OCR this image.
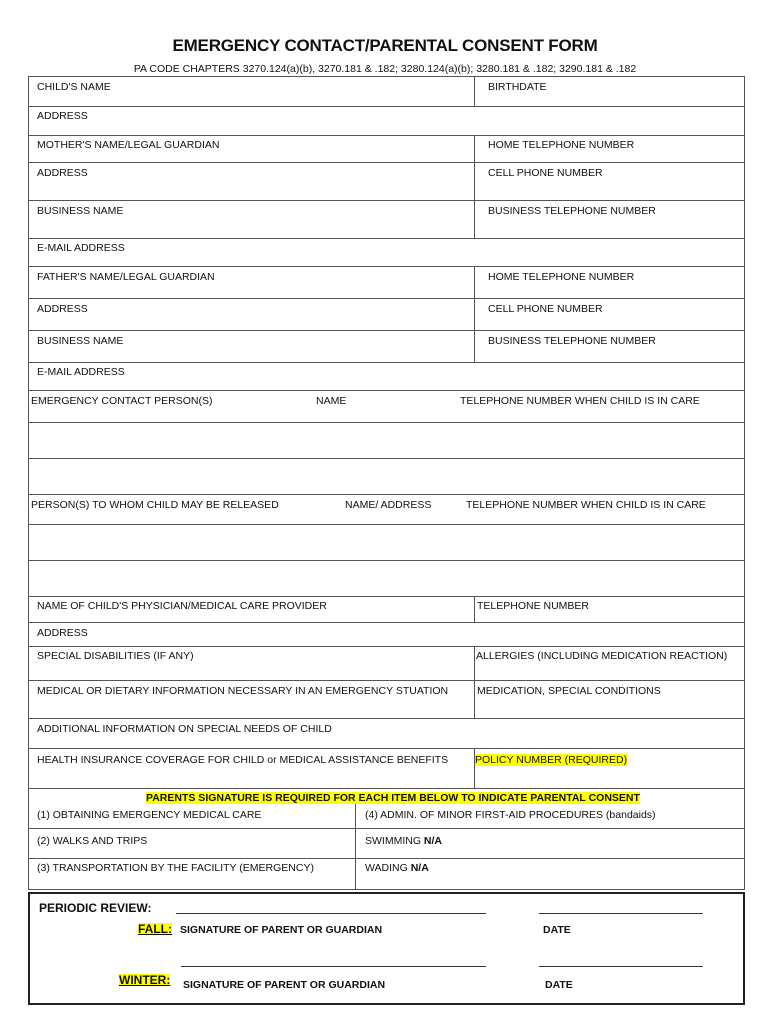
EMERGENCY CONTACT/PARENTAL CONSENT FORM
PA CODE CHAPTERS 3270.124(a)(b), 3270.181 & .182; 3280.124(a)(b); 3280.181 & .182; 3290.181 & .182
CHILD'S NAME	BIRTHDATE
ADDRESS
MOTHER'S NAME/LEGAL GUARDIAN	HOME TELEPHONE NUMBER
ADDRESS	CELL PHONE NUMBER
BUSINESS NAME	BUSINESS TELEPHONE NUMBER
E-MAIL ADDRESS
FATHER'S NAME/LEGAL GUARDIAN	HOME TELEPHONE NUMBER
ADDRESS	CELL PHONE NUMBER
BUSINESS NAME	BUSINESS TELEPHONE NUMBER
E-MAIL ADDRESS
EMERGENCY CONTACT PERSON(S)	NAME	TELEPHONE NUMBER WHEN CHILD IS IN CARE
PERSON(S) TO WHOM CHILD MAY BE RELEASED	NAME/ ADDRESS	TELEPHONE NUMBER WHEN CHILD IS IN CARE
NAME OF CHILD'S PHYSICIAN/MEDICAL CARE PROVIDER	TELEPHONE NUMBER
ADDRESS
SPECIAL DISABILITIES (IF ANY)	ALLERGIES (INCLUDING MEDICATION REACTION)
MEDICAL OR DIETARY INFORMATION NECESSARY IN AN EMERGENCY STUATION	MEDICATION, SPECIAL CONDITIONS
ADDITIONAL INFORMATION ON SPECIAL NEEDS OF CHILD
HEALTH INSURANCE COVERAGE FOR CHILD or MEDICAL ASSISTANCE BENEFITS	POLICY NUMBER (REQUIRED)
PARENTS SIGNATURE IS REQUIRED FOR EACH ITEM BELOW TO INDICATE PARENTAL CONSENT
(1) OBTAINING EMERGENCY MEDICAL CARE	(4) ADMIN. OF MINOR FIRST-AID PROCEDURES (bandaids)
(2) WALKS AND TRIPS	SWIMMING N/A
(3) TRANSPORTATION BY THE FACILITY (EMERGENCY)	WADING N/A
PERIODIC REVIEW:
FALL: SIGNATURE OF PARENT OR GUARDIAN	DATE
WINTER: SIGNATURE OF PARENT OR GUARDIAN	DATE
